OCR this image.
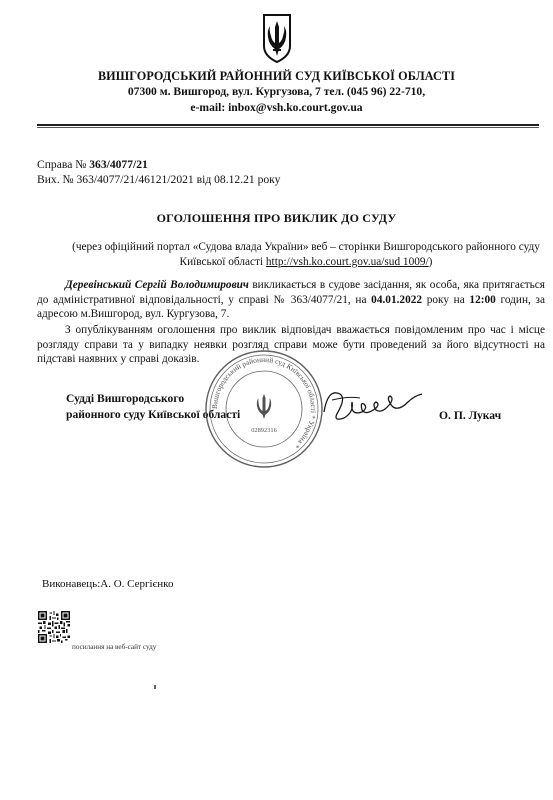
ВИШГОРОДСЬКИЙ РАЙОННИЙ СУД КИЇВСЬКОЇ ОБЛАСТІ
07300 м. Вишгород, вул. Кургузова, 7 тел. (045 96) 22-710,
e-mail: inbox@vsh.ko.court.gov.ua
Справа № 363/4077/21
Вих. № 363/4077/21/46121/2021 від 08.12.21 року
ОГОЛОШЕННЯ ПРО ВИКЛИК ДО СУДУ
(через офіційний портал «Судова влада України» веб – сторінки Вишгородського районного суду Київської області http://vsh.ko.court.gov.ua/sud 1009/)
Деревінський Сергій Володимирович викликається в судове засідання, як особа, яка притягається до адміністративної відповідальності, у справі № 363/4077/21, на 04.01.2022 року на 12:00 годин, за адресою м.Вишгород, вул. Кургузова, 7.
З опублікуванням оголошення про виклик відповідач вважається повідомленим про час і місце розгляду справи та у випадку неявки розгляд справи може бути проведений за його відсутності на підставі наявних у справі доказів.
Судді Вишгородського
районного суду Київської області
Вишгородський районний суд Київської області * Україна *
02892316
О. П. Лукач
Виконавець:А. О. Сергієнко
посилання на веб-сайт суду
